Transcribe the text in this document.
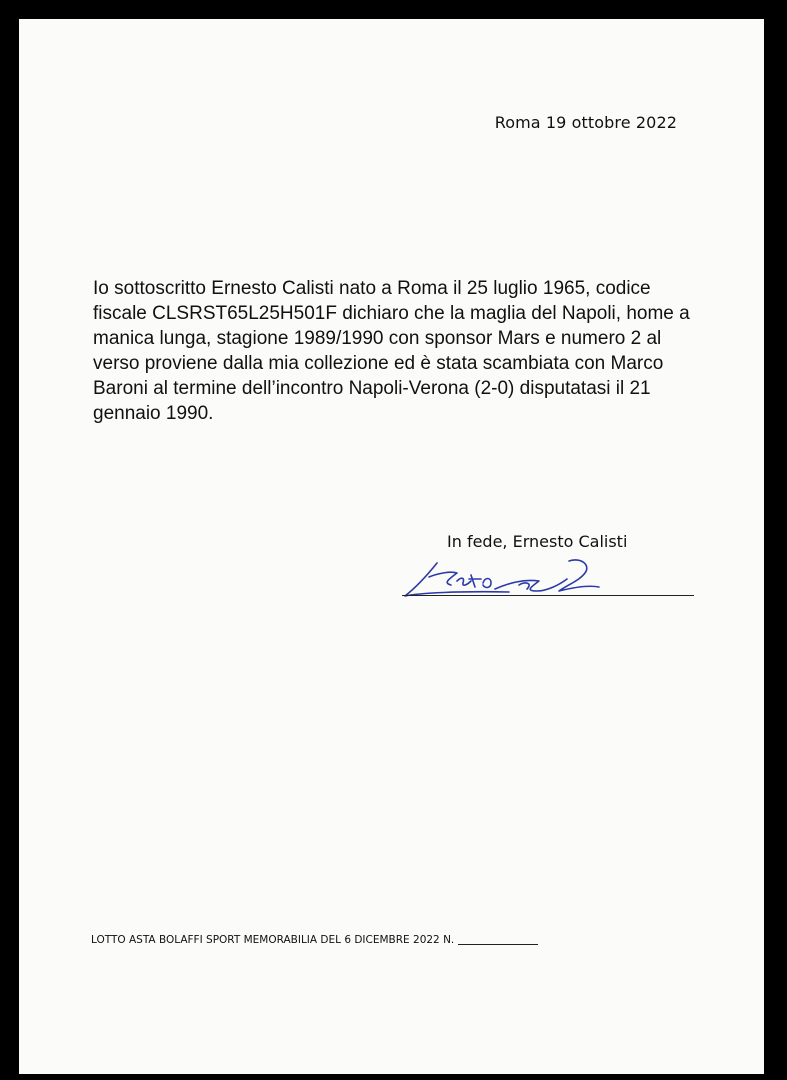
Roma 19 ottobre 2022

Io sottoscritto Ernesto Calisti nato a Roma il 25 luglio 1965, codice fiscale CLSRST65L25H501F dichiaro che la maglia del Napoli, home a manica lunga, stagione 1989/1990 con sponsor Mars e numero 2 al verso proviene dalla mia collezione ed è stata scambiata con Marco Baroni al termine dell’incontro Napoli-Verona (2-0) disputatasi il 21 gennaio 1990.

In fede, Ernesto Calisti
LOTTO ASTA BOLAFFI SPORT MEMORABILIA DEL 6 DICEMBRE 2022 N.
